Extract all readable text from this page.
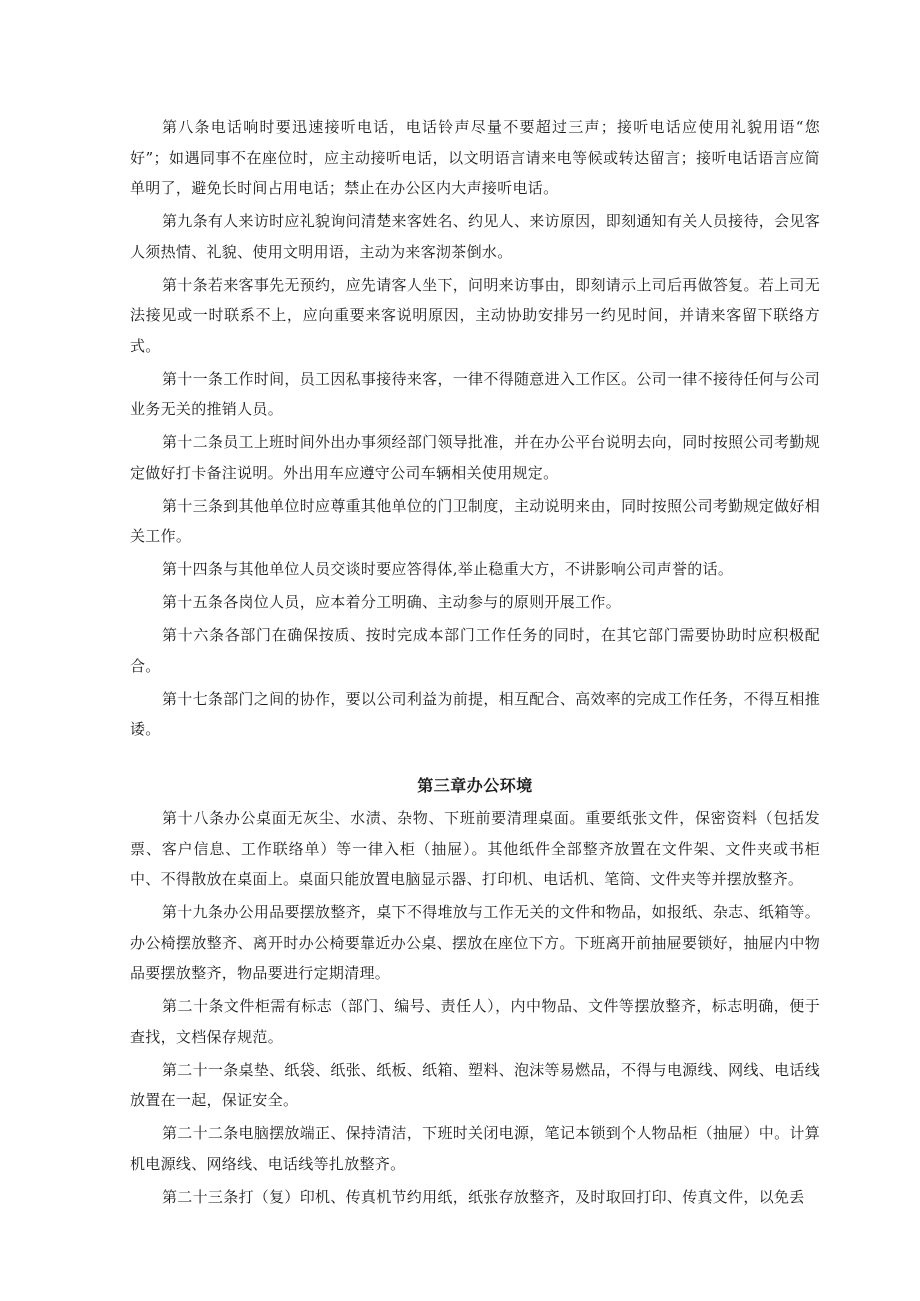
第八条电话响时要迅速接听电话，电话铃声尽量不要超过三声；接听电话应使用礼貌用语“您好”；如遇同事不在座位时，应主动接听电话，以文明语言请来电等候或转达留言；接听电话语言应简单明了，避免长时间占用电话；禁止在办公区内大声接听电话。

第九条有人来访时应礼貌询问清楚来客姓名、约见人、来访原因，即刻通知有关人员接待，会见客人须热情、礼貌、使用文明用语，主动为来客沏茶倒水。

第十条若来客事先无预约，应先请客人坐下，问明来访事由，即刻请示上司后再做答复。若上司无法接见或一时联系不上，应向重要来客说明原因，主动协助安排另一约见时间，并请来客留下联络方式。

第十一条工作时间，员工因私事接待来客，一律不得随意进入工作区。公司一律不接待任何与公司业务无关的推销人员。

第十二条员工上班时间外出办事须经部门领导批准，并在办公平台说明去向，同时按照公司考勤规定做好打卡备注说明。外出用车应遵守公司车辆相关使用规定。

第十三条到其他单位时应尊重其他单位的门卫制度，主动说明来由，同时按照公司考勤规定做好相关工作。

第十四条与其他单位人员交谈时要应答得体,举止稳重大方，不讲影响公司声誉的话。

第十五条各岗位人员，应本着分工明确、主动参与的原则开展工作。

第十六条各部门在确保按质、按时完成本部门工作任务的同时，在其它部门需要协助时应积极配合。

第十七条部门之间的协作，要以公司利益为前提，相互配合、高效率的完成工作任务，不得互相推诿。

第三章办公环境

第十八条办公桌面无灰尘、水渍、杂物、下班前要清理桌面。重要纸张文件，保密资料（包括发票、客户信息、工作联络单）等一律入柜（抽屉）。其他纸件全部整齐放置在文件架、文件夹或书柜中、不得散放在桌面上。桌面只能放置电脑显示器、打印机、电话机、笔筒、文件夹等并摆放整齐。

第十九条办公用品要摆放整齐，桌下不得堆放与工作无关的文件和物品，如报纸、杂志、纸箱等。办公椅摆放整齐、离开时办公椅要靠近办公桌、摆放在座位下方。下班离开前抽屉要锁好，抽屉内中物品要摆放整齐，物品要进行定期清理。

第二十条文件柜需有标志（部门、编号、责任人），内中物品、文件等摆放整齐，标志明确，便于查找，文档保存规范。

第二十一条桌垫、纸袋、纸张、纸板、纸箱、塑料、泡沫等易燃品，不得与电源线、网线、电话线放置在一起，保证安全。

第二十二条电脑摆放端正、保持清洁，下班时关闭电源，笔记本锁到个人物品柜（抽屉）中。计算机电源线、网络线、电话线等扎放整齐。

第二十三条打（复）印机、传真机节约用纸，纸张存放整齐，及时取回打印、传真文件，以免丢
